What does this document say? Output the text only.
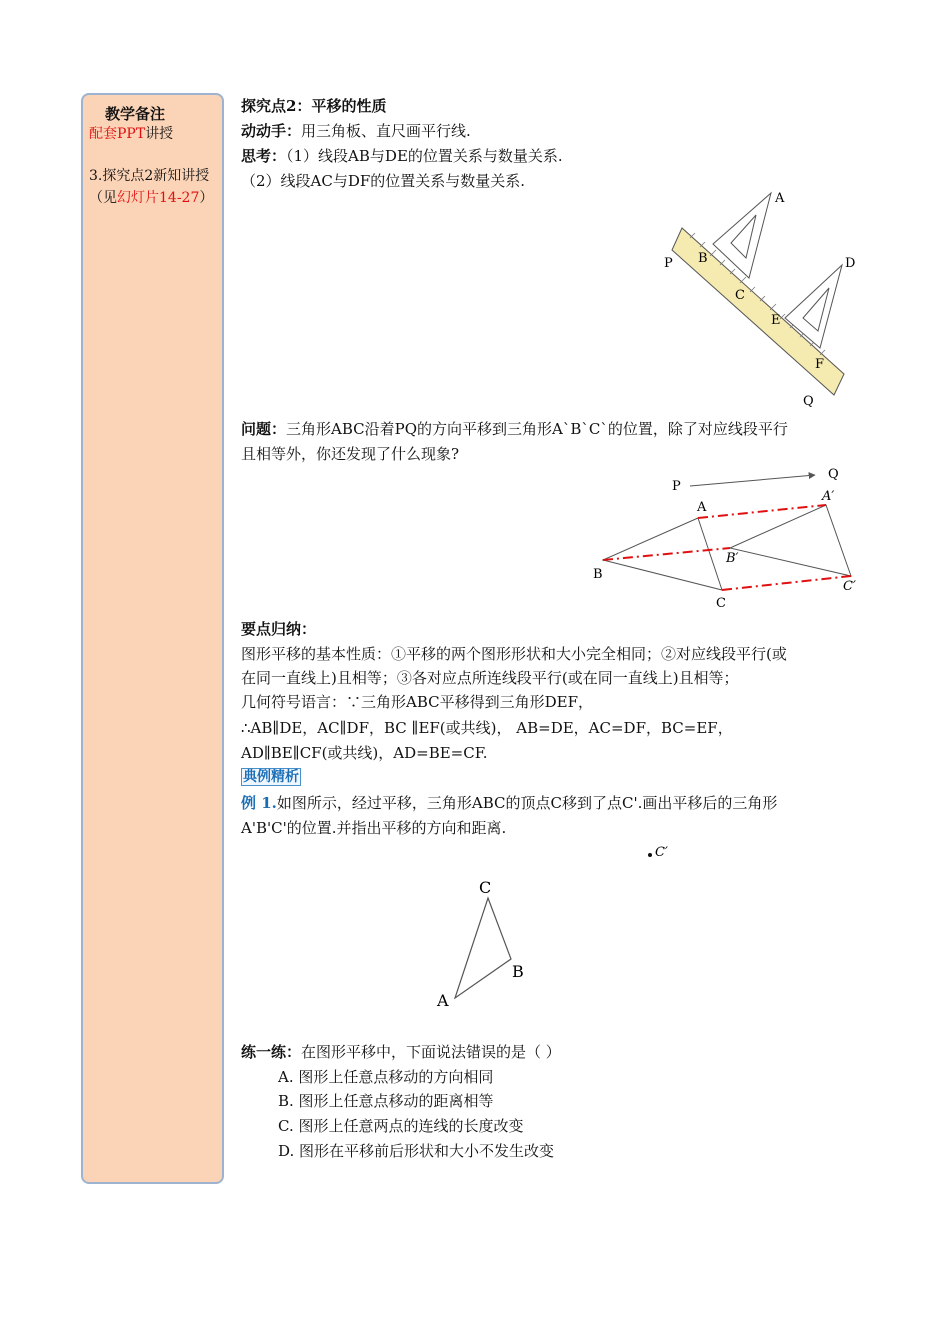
教学备注
配套PPT讲授
3.探究点2新知讲授
（见幻灯片14-27）
探究点2：平移的性质
动动手：用三角板、直尺画平行线.
思考：（1）线段AB与DE的位置关系与数量关系.
（2）线段AC与DF的位置关系与数量关系.
问题：三角形ABC沿着PQ的方向平移到三角形A`B`C`的位置，除了对应线段平行
且相等外，你还发现了什么现象?
要点归纳：
图形平移的基本性质：①平移的两个图形形状和大小完全相同；②对应线段平行(或
在同一直线上)且相等；③各对应点所连线段平行(或在同一直线上)且相等；
几何符号语言：∵三角形ABC平移得到三角形DEF，
∴AB∥DE，AC∥DF，BC ∥EF(或共线)， AB=DE，AC=DF，BC=EF，
AD∥BE∥CF(或共线)，AD=BE=CF.
典例精析
例 1.如图所示，经过平移，三角形ABC的顶点C移到了点C'.画出平移后的三角形
A'B'C'的位置.并指出平移的方向和距离.
练一练：在图形平移中，下面说法错误的是（ ）
A. 图形上任意点移动的方向相同
B. 图形上任意点移动的距离相等
C. 图形上任意两点的连线的长度改变
D. 图形在平移前后形状和大小不发生改变
A
B
C
D
E
F
P
Q
P
Q
A
B
C
A′
B′
C′
C′
C
B
A
